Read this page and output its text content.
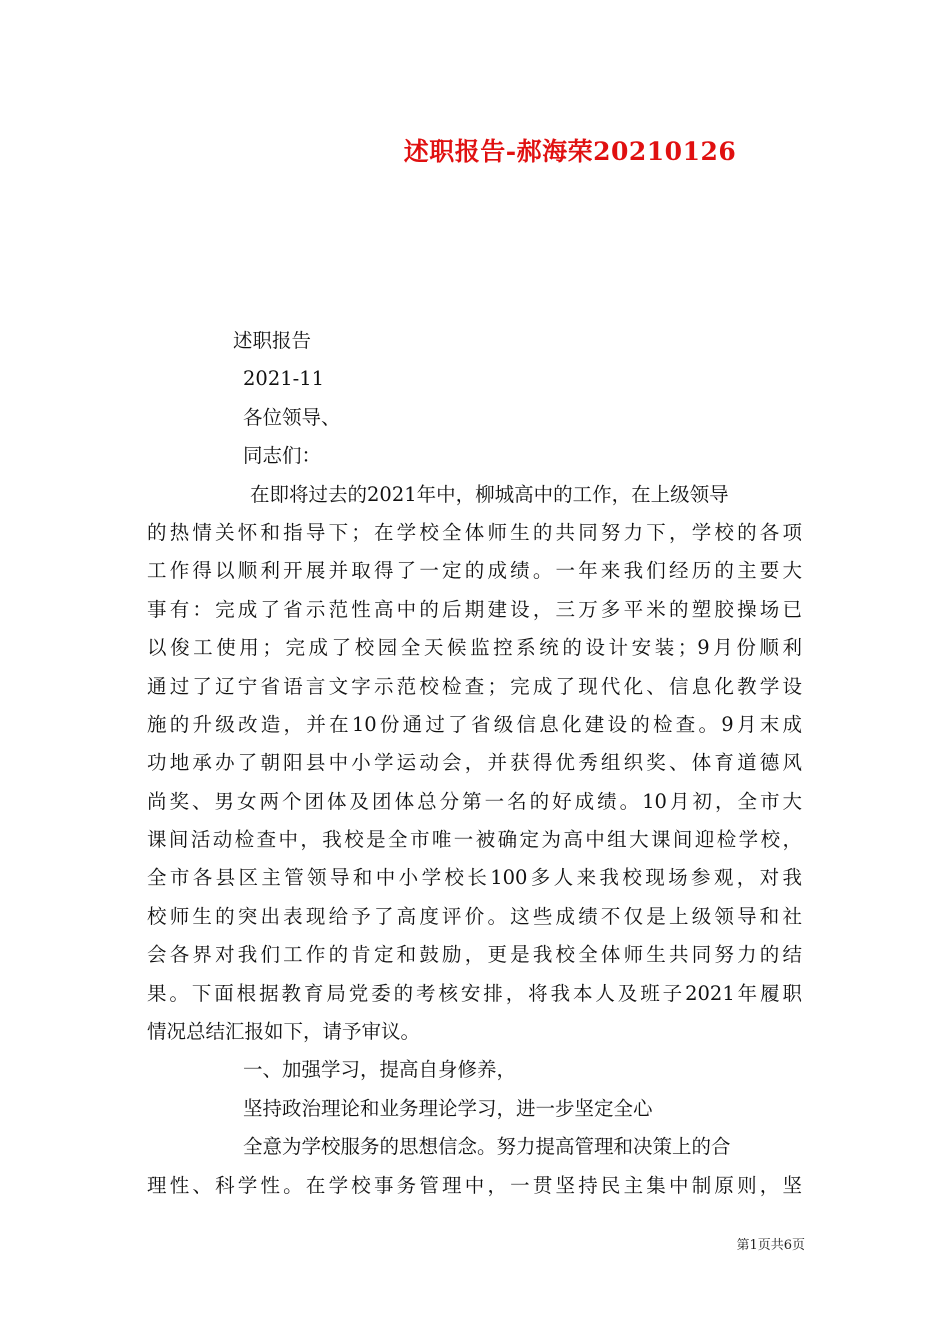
述职报告-郝海荣20210126
述职报告
2021-11
各位领导、
同志们：
在即将过去的2021年中，柳城高中的工作，在上级领导
的热情关怀和指导下；在学校全体师生的共同努力下，学校的各项
工作得以顺利开展并取得了一定的成绩。一年来我们经历的主要大
事有：完成了省示范性高中的后期建设，三万多平米的塑胶操场已
以俊工使用；完成了校园全天候监控系统的设计安装；9月份顺利
通过了辽宁省语言文字示范校检查；完成了现代化、信息化教学设
施的升级改造，并在10份通过了省级信息化建设的检查。9月末成
功地承办了朝阳县中小学运动会，并获得优秀组织奖、体育道德风
尚奖、男女两个团体及团体总分第一名的好成绩。10月初，全市大
课间活动检查中，我校是全市唯一被确定为高中组大课间迎检学校，
全市各县区主管领导和中小学校长100多人来我校现场参观，对我
校师生的突出表现给予了高度评价。这些成绩不仅是上级领导和社
会各界对我们工作的肯定和鼓励，更是我校全体师生共同努力的结
果。下面根据教育局党委的考核安排，将我本人及班子2021年履职
情况总结汇报如下，请予审议。
一、加强学习，提高自身修养，
坚持政治理论和业务理论学习，进一步坚定全心
全意为学校服务的思想信念。努力提高管理和决策上的合
理性、科学性。在学校事务管理中，一贯坚持民主集中制原则，坚
第1页共6页
